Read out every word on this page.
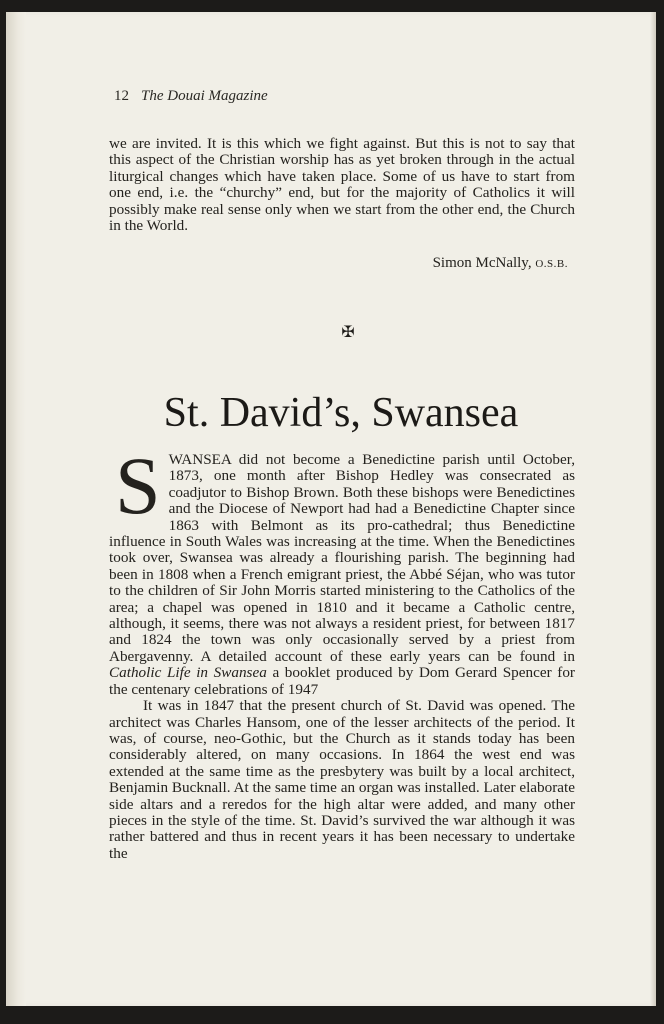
12 The Douai Magazine

we are invited. It is this which we fight against. But this is not to say that this aspect of the Christian worship has as yet broken through in the actual liturgical changes which have taken place. Some of us have to start from one end, i.e. the “churchy” end, but for the majority of Catholics it will possibly make real sense only when we start from the other end, the Church in the World.

Simon McNally, O.S.B.
✠
St. David’s, Swansea

SWANSEA did not become a Benedictine parish until October, 1873, one month after Bishop Hedley was consecrated as coadjutor to Bishop Brown. Both these bishops were Benedictines and the Diocese of Newport had had a Benedictine Chapter since 1863 with Belmont as its pro-cathedral; thus Benedictine influence in South Wales was increasing at the time. When the Benedictines took over, Swansea was already a flourishing parish. The beginning had been in 1808 when a French emigrant priest, the Abbé Séjan, who was tutor to the children of Sir John Morris started ministering to the Catholics of the area; a chapel was opened in 1810 and it became a Catholic centre, although, it seems, there was not always a resident priest, for between 1817 and 1824 the town was only occasionally served by a priest from Abergavenny. A detailed account of these early years can be found in Catholic Life in Swansea a booklet produced by Dom Gerard Spencer for the centenary celebrations of 1947

It was in 1847 that the present church of St. David was opened. The architect was Charles Hansom, one of the lesser architects of the period. It was, of course, neo-Gothic, but the Church as it stands today has been considerably altered, on many occasions. In 1864 the west end was extended at the same time as the presbytery was built by a local architect, Benjamin Bucknall. At the same time an organ was installed. Later elaborate side altars and a reredos for the high altar were added, and many other pieces in the style of the time. St. David’s survived the war although it was rather battered and thus in recent years it has been necessary to undertake the
